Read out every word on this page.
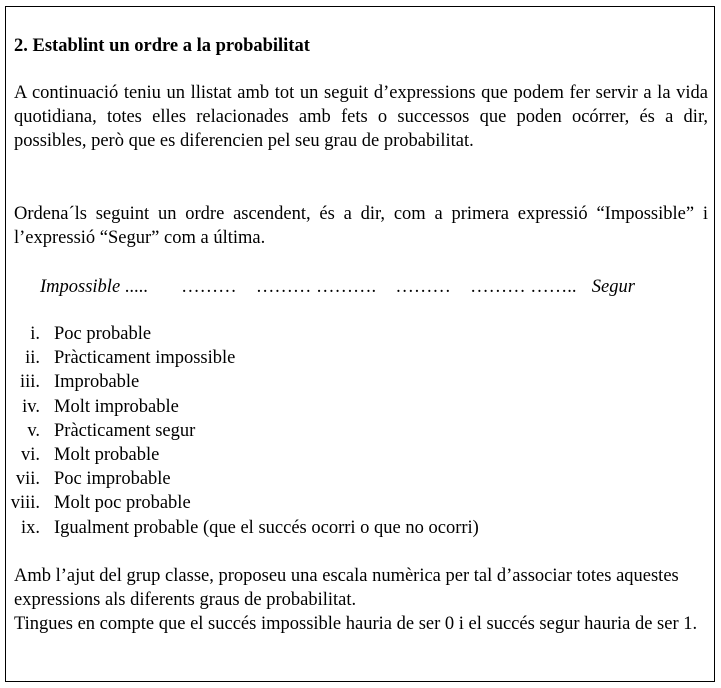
2. Establint un ordre a la probabilitat
A continuació teniu un llistat amb tot un seguit d’expressions que podem fer servir a la vida quotidiana, totes elles relacionades amb fets o successos que poden ocórrer, és a dir, possibles, però que es diferencien pel seu grau de probabilitat.
Ordena´ls seguint un ordre ascendent, és a dir, com a primera expressió “Impossible” i l’expressió “Segur” com a última.
Impossible ..... ……… ……… ………. ……… ……… …….. Segur
i. Poc probable
ii. Pràcticament impossible
iii. Improbable
iv. Molt improbable
v. Pràcticament segur
vi. Molt probable
vii. Poc improbable
viii. Molt poc probable
ix. Igualment probable (que el succés ocorri o que no ocorri)
Amb l’ajut del grup classe, proposeu una escala numèrica per tal d’associar totes aquestes expressions als diferents graus de probabilitat.
Tingues en compte que el succés impossible hauria de ser 0 i el succés segur hauria de ser 1.
